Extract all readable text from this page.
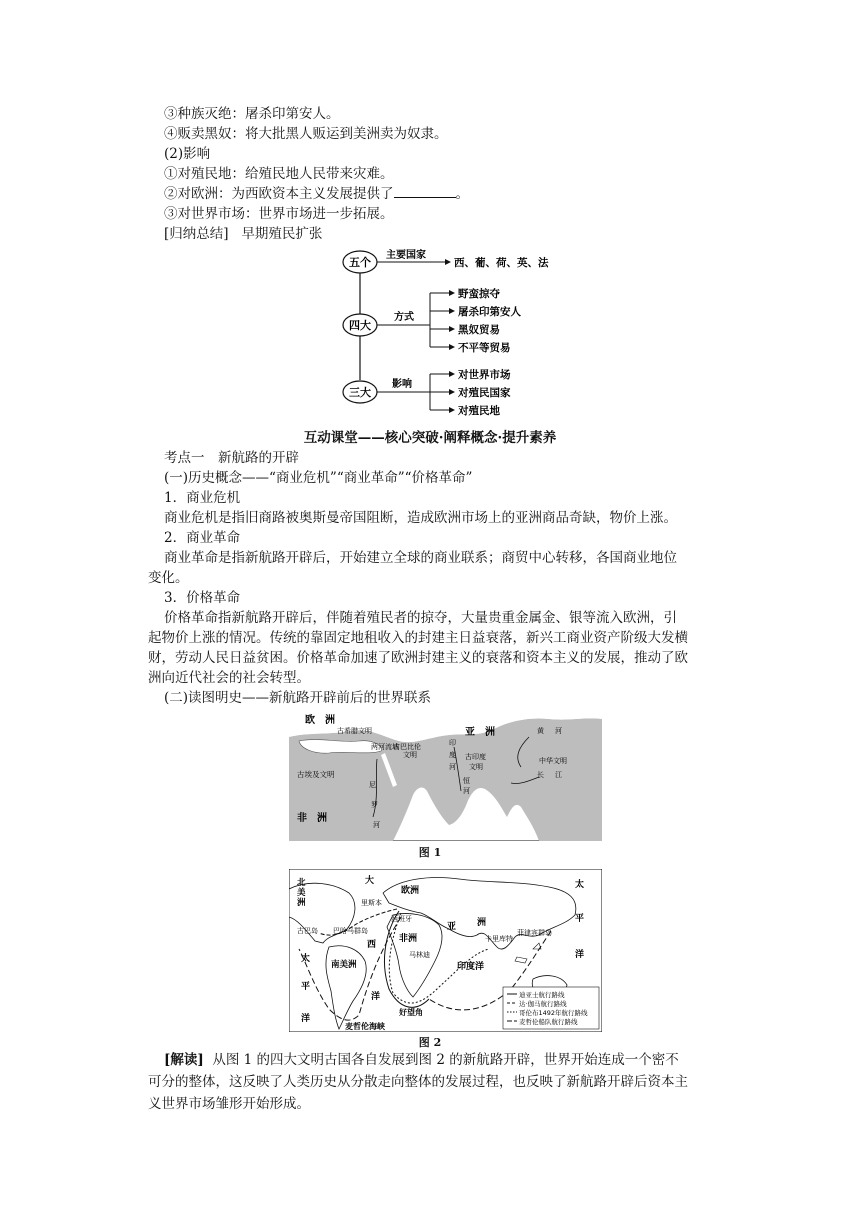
③种族灭绝：屠杀印第安人。
④贩卖黑奴：将大批黑人贩运到美洲卖为奴隶。
(2)影响
①对殖民地：给殖民地人民带来灾难。
②对欧洲：为西欧资本主义发展提供了	。
③对世界市场：世界市场进一步拓展。
[归纳总结] 早期殖民扩张
五个
四大
三大
主要国家
西、葡、荷、英、法
方式
野蛮掠夺
屠杀印第安人
黑奴贸易
不平等贸易
影响
对世界市场
对殖民国家
对殖民地
互动课堂——核心突破·阐释概念·提升素养
考点一　新航路的开辟
(一)历史概念——“商业危机”“商业革命”“价格革命”
1．商业危机
商业危机是指旧商路被奥斯曼帝国阻断，造成欧洲市场上的亚洲商品奇缺，物价上涨。
2．商业革命
商业革命是指新航路开辟后，开始建立全球的商业联系；商贸中心转移，各国商业地位
变化。
3．价格革命
价格革命指新航路开辟后，伴随着殖民者的掠夺，大量贵重金属金、银等流入欧洲，引
起物价上涨的情况。传统的靠固定地租收入的封建主日益衰落，新兴工商业资产阶级大发横
财，劳动人民日益贫困。价格革命加速了欧洲封建主义的衰落和资本主义的发展，推动了欧
洲向近代社会的社会转型。
(二)读图明史——新航路开辟前后的世界联系
欧　洲
古希腊文明
两河流域
古巴比伦
文明
亚　洲	黄 河
中华文明
印
度
河
古印度
文明
恒
河
长 江
古埃及文明
非　洲
尼
罗
河
图 1
北
美
洲
大
欧洲
里斯本
西班牙
古巴岛 巴哈马群岛
西
非洲
亚 洲
卡里库特
菲律宾群岛
太
平
洋
太
平
洋
南美洲
马林迪
印度洋
洋
好望角
麦哲伦海峡
迪亚士航行路线
达·伽马航行路线
哥伦布1492年航行路线
麦哲伦船队航行路线
图 2
[解读] 从图 1 的四大文明古国各自发展到图 2 的新航路开辟，世界开始连成一个密不
可分的整体，这反映了人类历史从分散走向整体的发展过程，也反映了新航路开辟后资本主
义世界市场雏形开始形成。
